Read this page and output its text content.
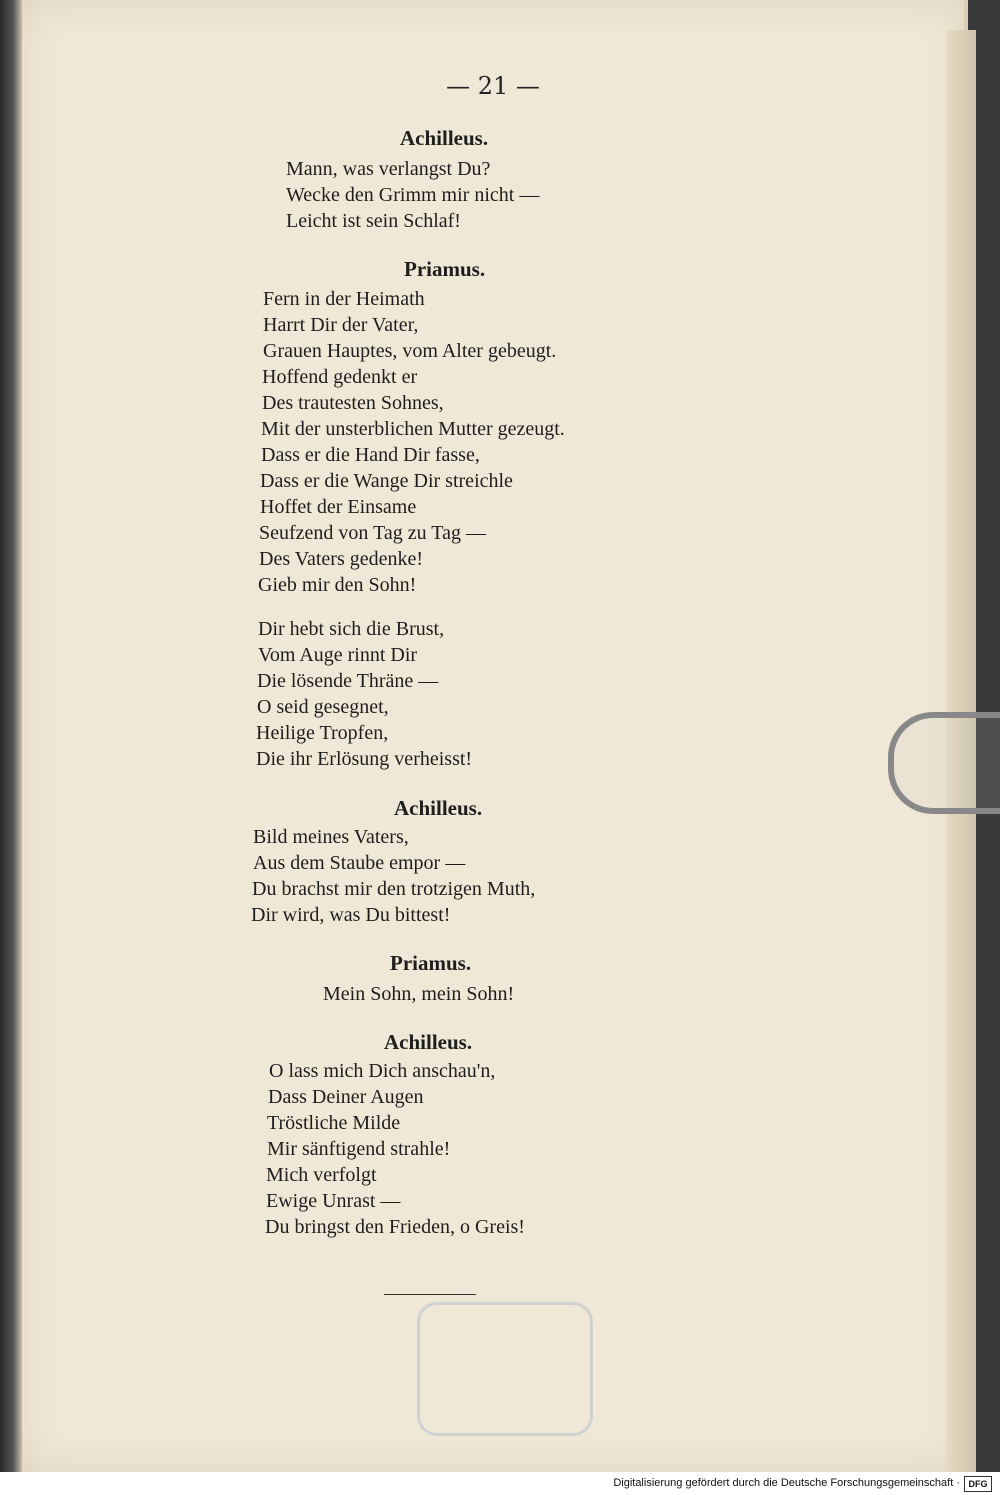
— 21 —
Achilleus.
Mann, was verlangst Du?
Wecke den Grimm mir nicht —
Leicht ist sein Schlaf!
Priamus.
Fern in der Heimath
Harrt Dir der Vater,
Grauen Hauptes, vom Alter gebeugt.
Hoffend gedenkt er
Des trautesten Sohnes,
Mit der unsterblichen Mutter gezeugt.
Dass er die Hand Dir fasse,
Dass er die Wange Dir streichle
Hoffet der Einsame
Seufzend von Tag zu Tag —
Des Vaters gedenke!
Gieb mir den Sohn!
Dir hebt sich die Brust,
Vom Auge rinnt Dir
Die lösende Thräne —
O seid gesegnet,
Heilige Tropfen,
Die ihr Erlösung verheisst!
Achilleus.
Bild meines Vaters,
Aus dem Staube empor —
Du brachst mir den trotzigen Muth,
Dir wird, was Du bittest!
Priamus.
Mein Sohn, mein Sohn!
Achilleus.
O lass mich Dich anschau'n,
Dass Deiner Augen
Tröstliche Milde
Mir sänftigend strahle!
Mich verfolgt
Ewige Unrast —
Du bringst den Frieden, o Greis!
Digitalisierung gefördert durch die Deutsche Forschungsgemeinschaft · DFG
